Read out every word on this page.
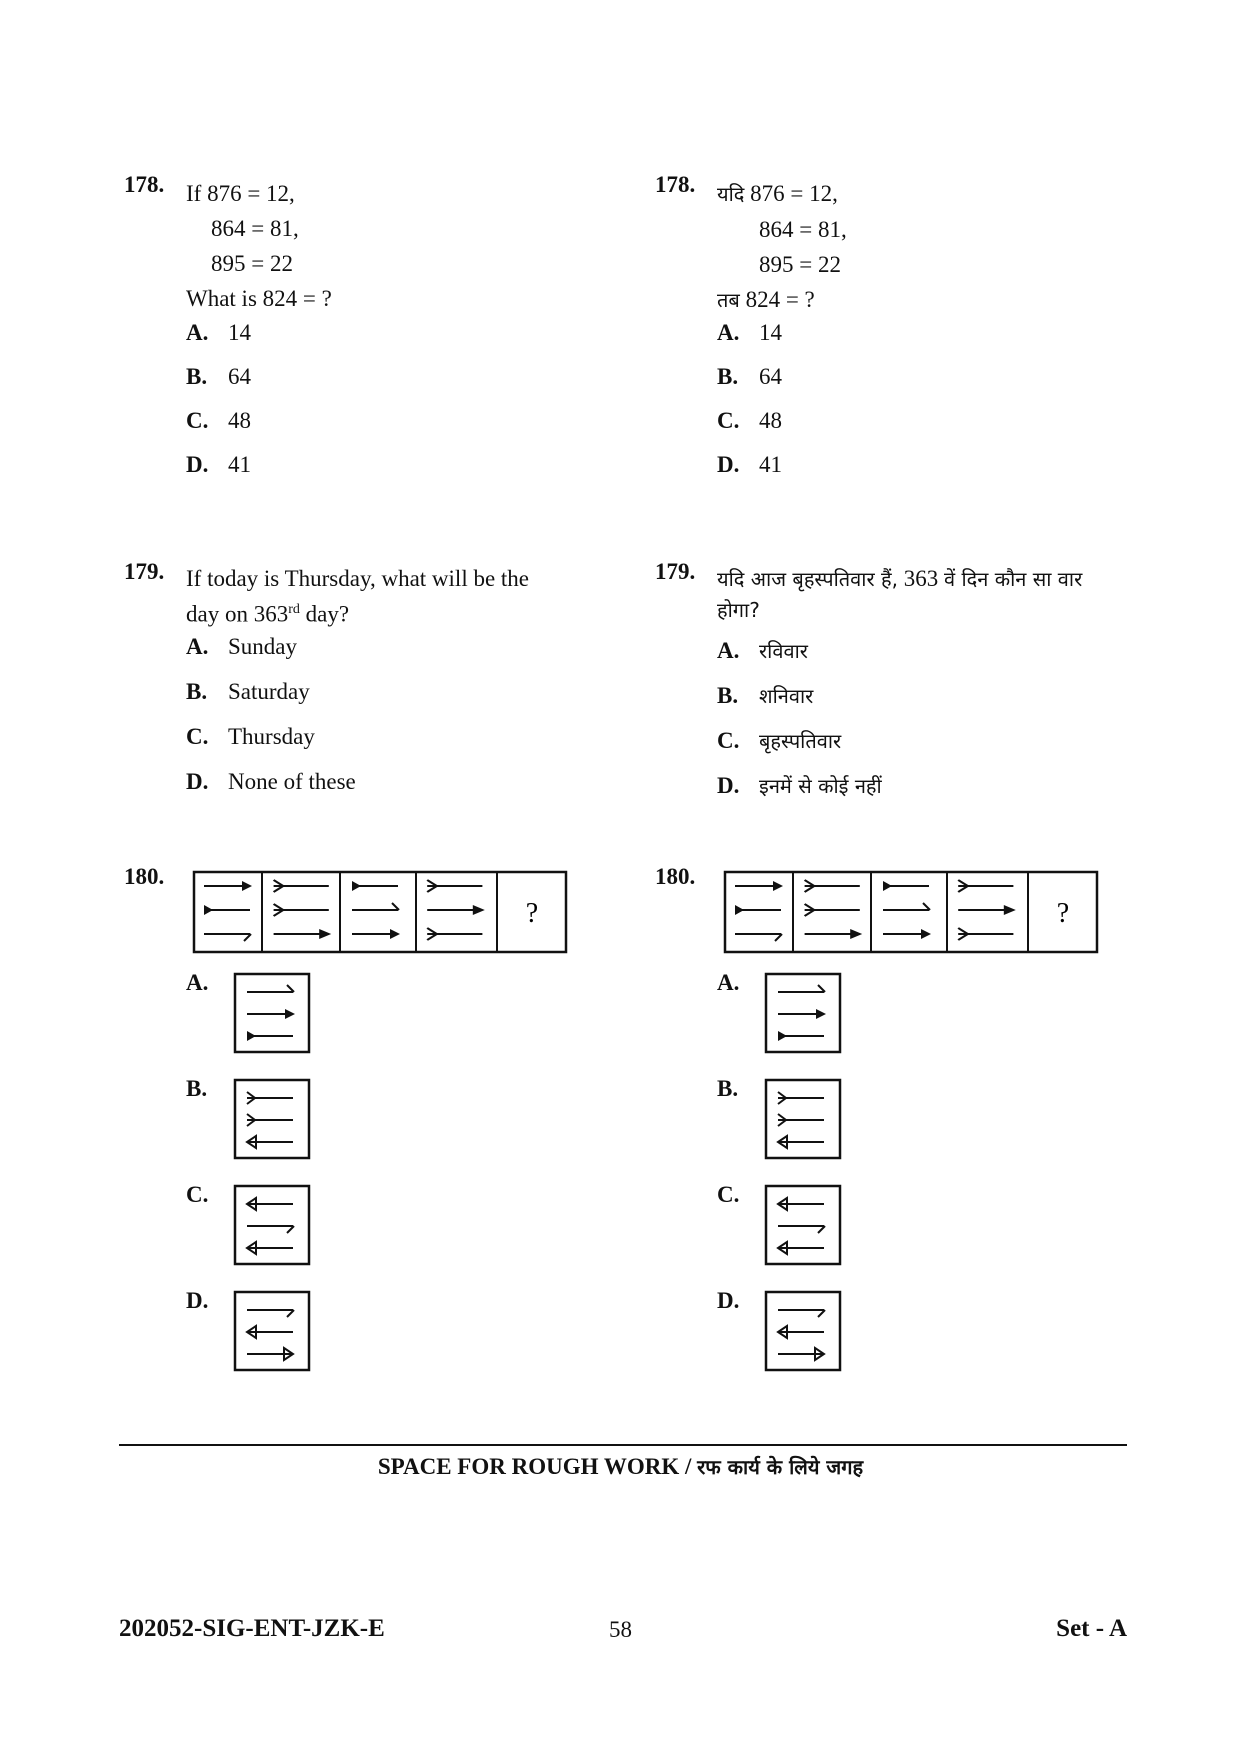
178. If 876 = 12,
864 = 81,
895 = 22
What is 824 = ?
A. 14
B. 64
C. 48
D. 41
179. If today is Thursday, what will be the
day on 363rd day?
A. Sunday
B. Saturday
C. Thursday
D. None of these
180.
?
A.
B.
C.
D.
178. यदि 876 = 12,
864 = 81,
895 = 22
तब 824 = ?
A. 14
B. 64
C. 48
D. 41
179. यदि आज बृहस्पतिवार हैं, 363 वें दिन कौन सा वार
होगा?
A. रविवार
B. शनिवार
C. बृहस्पतिवार
D. इनमें से कोई नहीं
180.
?
A.
B.
C.
D.
SPACE FOR ROUGH WORK / रफ कार्य के लिये जगह
202052-SIG-ENT-JZK-E	58	Set - A
